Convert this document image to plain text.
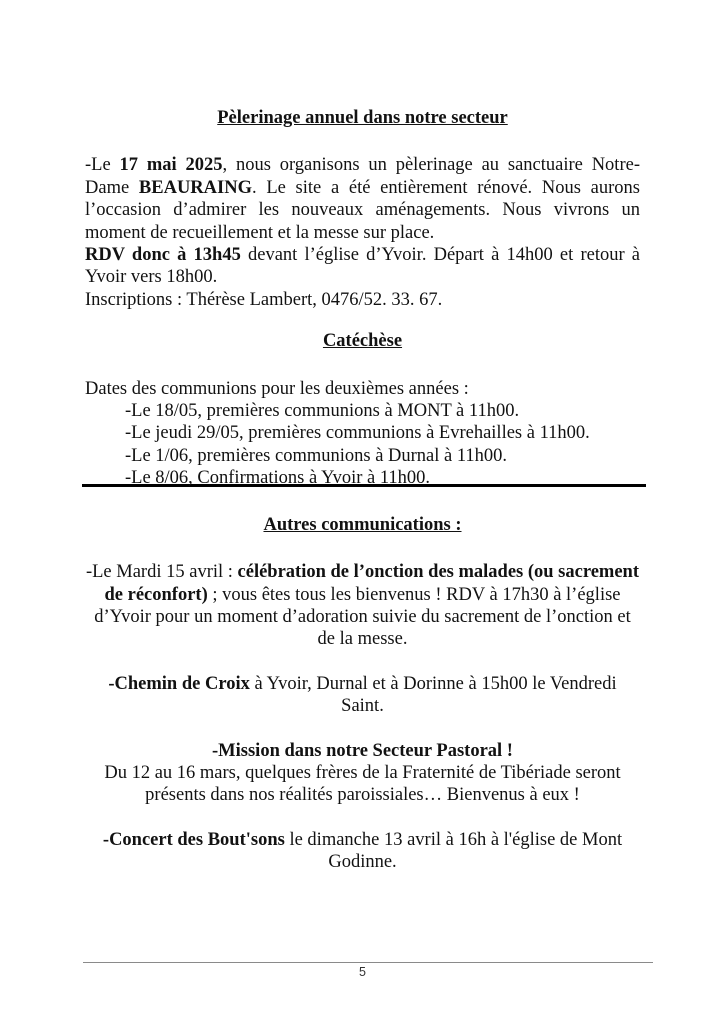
Pèlerinage annuel dans notre secteur

-Le 17 mai 2025, nous organisons un pèlerinage au sanctuaire Notre-Dame BEAURAING. Le site a été entièrement rénové. Nous aurons l’occasion d’admirer les nouveaux aménagements. Nous vivrons un moment de recueillement et la messe sur place.

RDV donc à 13h45 devant l’église d’Yvoir. Départ à 14h00 et retour à Yvoir vers 18h00.

Inscriptions : Thérèse Lambert, 0476/52. 33. 67.

Catéchèse

Dates des communions pour les deuxièmes années :

-Le 18/05, premières communions à MONT à 11h00.

-Le jeudi 29/05, premières communions à Evrehailles à 11h00.

-Le 1/06, premières communions à Durnal à 11h00.

-Le 8/06, Confirmations à Yvoir à 11h00.

Autres communications :

-Le Mardi 15 avril : célébration de l’onction des malades (ou sacrement de réconfort) ; vous êtes tous les bienvenus ! RDV à 17h30 à l’église d’Yvoir pour un moment d’adoration suivie du sacrement de l’onction et de la messe.

-Chemin de Croix à Yvoir, Durnal et à Dorinne à 15h00 le Vendredi Saint.

-Mission dans notre Secteur Pastoral !

Du 12 au 16 mars, quelques frères de la Fraternité de Tibériade seront présents dans nos réalités paroissiales… Bienvenus à eux !

-Concert des Bout'sons le dimanche 13 avril à 16h à l'église de Mont Godinne.

5
